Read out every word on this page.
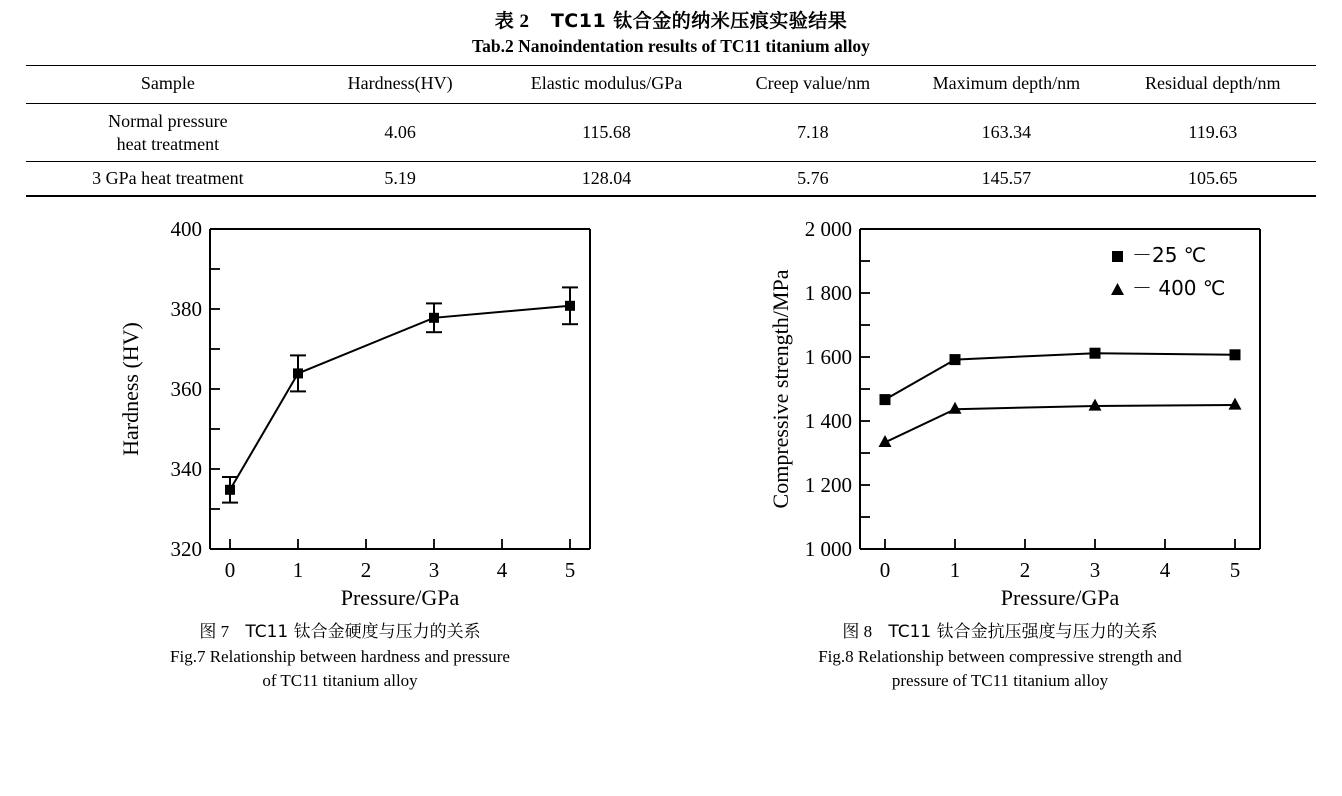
表 2 TC11 钛合金的纳米压痕实验结果
Tab.2 Nanoindentation results of TC11 titanium alloy
Sample	Hardness(HV)	Elastic modulus/GPa	Creep value/nm	Maximum depth/nm	Residual depth/nm

Normal pressure
heat treatment	4.06	115.68	7.18	163.34	119.63
3 GPa heat treatment	5.19	128.04	5.76	145.57	105.65
320
340
360
380
400
0	1	2	3	4	5
Pressure/GPa
Hardness (HV)
图 7 TC11 钛合金硬度与压力的关系
Fig.7 Relationship between hardness and pressure
of TC11 titanium alloy
1 000
1 200
1 400
1 600
1 800
2 000
0	1	2	3	4	5
－25 ℃
－ 400 ℃
Pressure/GPa
Compressive strength/MPa
图 8 TC11 钛合金抗压强度与压力的关系
Fig.8 Relationship between compressive strength and
pressure of TC11 titanium alloy
